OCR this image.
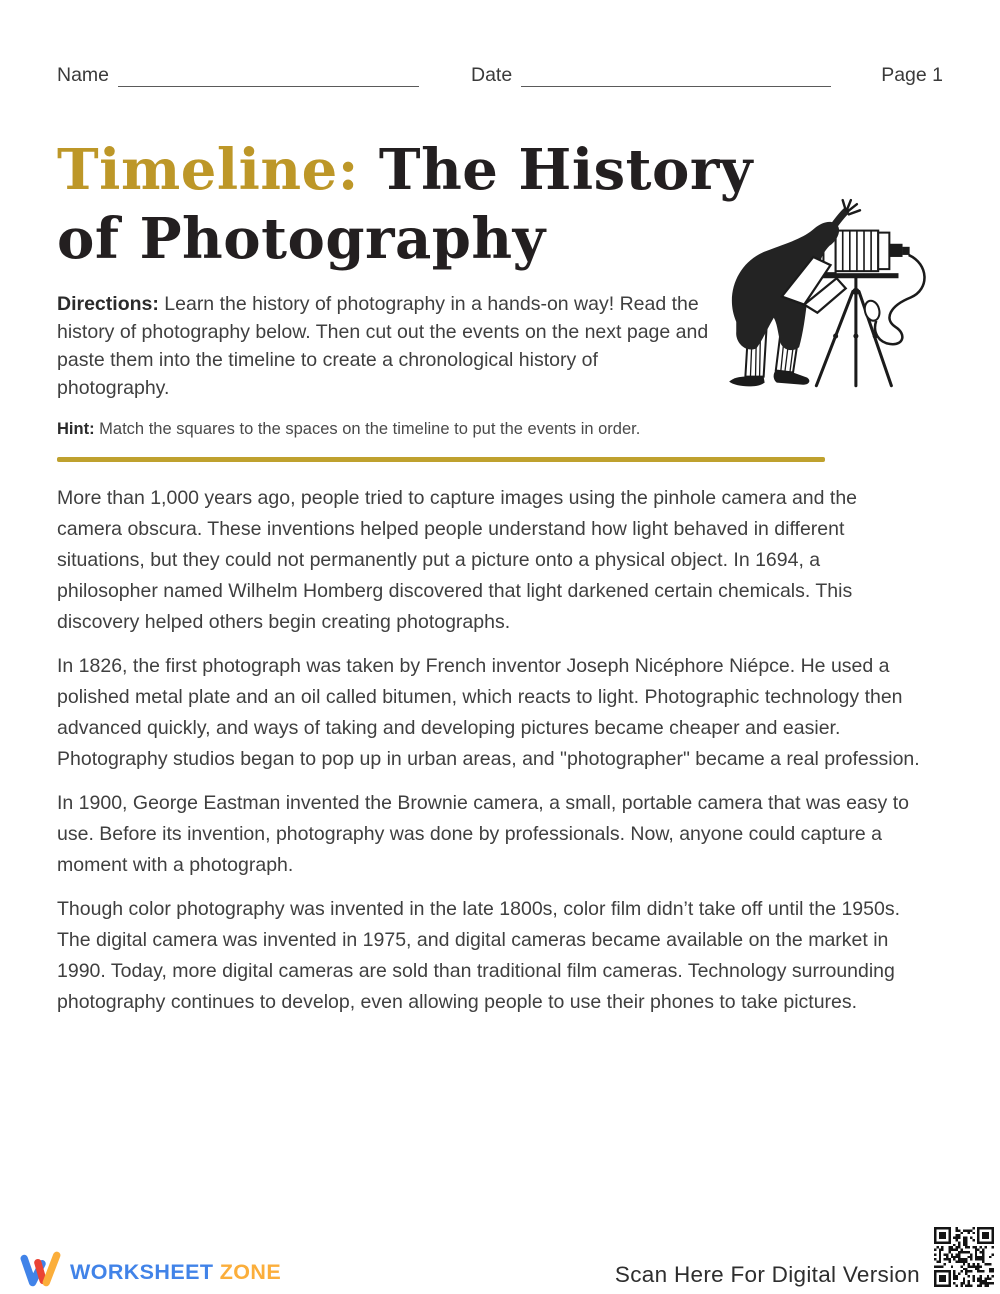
Name	Date	Page 1
Timeline: The History
of Photography

Directions: Learn the history of photography in a hands-on way! Read the history of photography below. Then cut out the events on the next page and paste them into the timeline to create a chronological history of photography.

Hint: Match the squares to the spaces on the timeline to put the events in order.

More than 1,000 years ago, people tried to capture images using the pinhole camera and the camera obscura. These inventions helped people understand how light behaved in different situations, but they could not permanently put a picture onto a physical object. In 1694, a philosopher named Wilhelm Homberg discovered that light darkened certain chemicals. This discovery helped others begin creating photographs.

In 1826, the first photograph was taken by French inventor Joseph Nicéphore Niépce. He used a polished metal plate and an oil called bitumen, which reacts to light. Photographic technology then advanced quickly, and ways of taking and developing pictures became cheaper and easier. Photography studios began to pop up in urban areas, and "photographer" became a real profession.

In 1900, George Eastman invented the Brownie camera, a small, portable camera that was easy to use. Before its invention, photography was done by professionals. Now, anyone could capture a moment with a photograph.

Though color photography was invented in the late 1800s, color film didn’t take off until the 1950s. The digital camera was invented in 1975, and digital cameras became available on the market in 1990. Today, more digital cameras are sold than traditional film cameras. Technology surrounding photography continues to develop, even allowing people to use their phones to take pictures.

WORKSHEET ZONE	Scan Here For Digital Version
